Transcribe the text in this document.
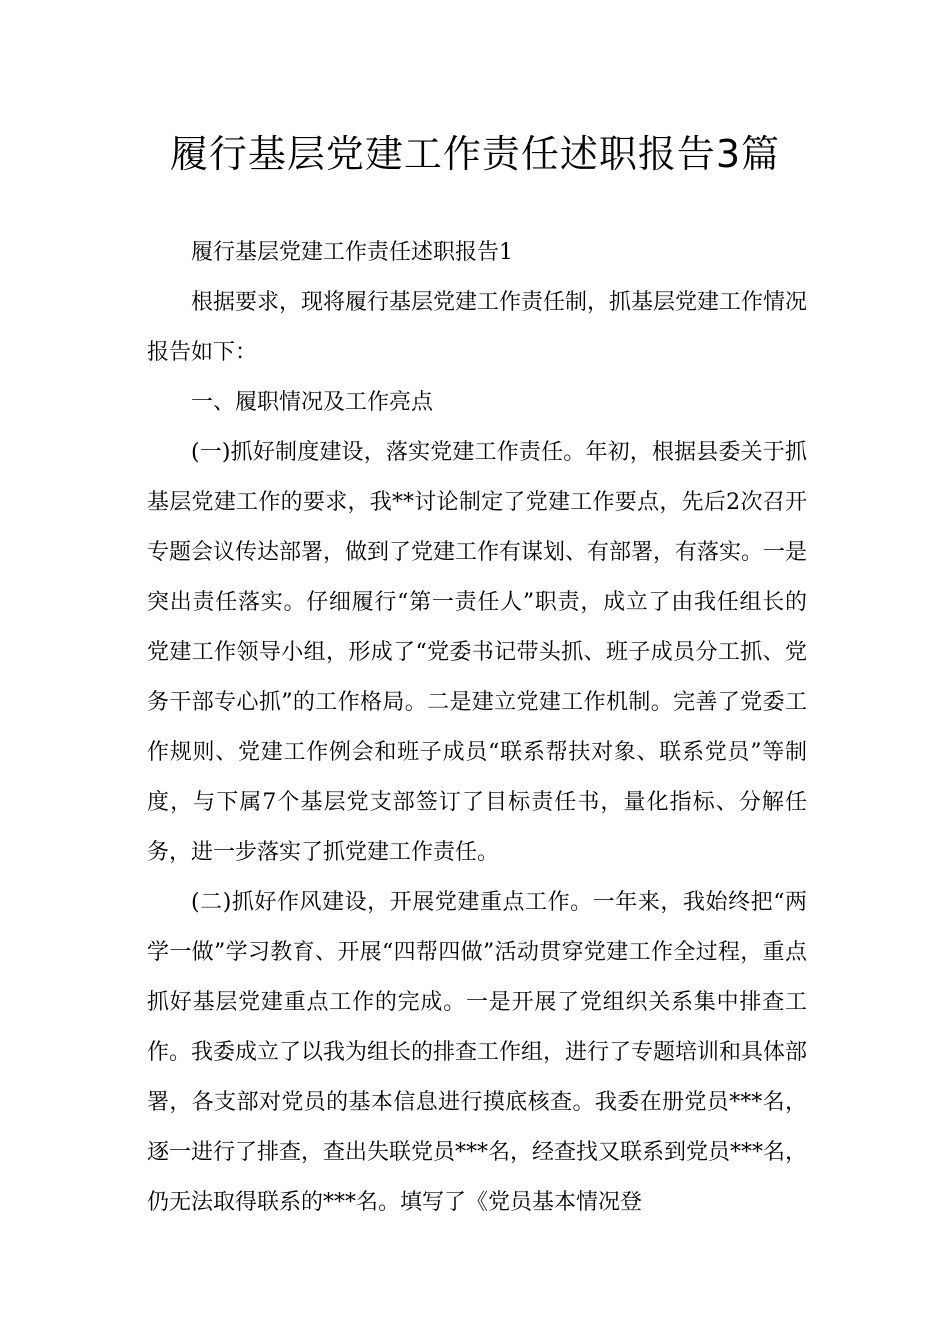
履行基层党建工作责任述职报告3篇

履行基层党建工作责任述职报告1

根据要求，现将履行基层党建工作责任制，抓基层党建工作情况报告如下：

一、履职情况及工作亮点

(一)抓好制度建设，落实党建工作责任。年初，根据县委关于抓基层党建工作的要求，我**讨论制定了党建工作要点，先后2次召开专题会议传达部署，做到了党建工作有谋划、有部署，有落实。一是突出责任落实。仔细履行“第一责任人”职责，成立了由我任组长的党建工作领导小组，形成了“党委书记带头抓、班子成员分工抓、党务干部专心抓”的工作格局。二是建立党建工作机制。完善了党委工作规则、党建工作例会和班子成员“联系帮扶对象、联系党员”等制度，与下属7个基层党支部签订了目标责任书，量化指标、分解任务，进一步落实了抓党建工作责任。

(二)抓好作风建设，开展党建重点工作。一年来，我始终把“两学一做”学习教育、开展“四帮四做”活动贯穿党建工作全过程，重点抓好基层党建重点工作的完成。一是开展了党组织关系集中排查工作。我委成立了以我为组长的排查工作组，进行了专题培训和具体部署，各支部对党员的基本信息进行摸底核查。我委在册党员***名，逐一进行了排查，查出失联党员***名，经查找又联系到党员***名，仍无法取得联系的***名。填写了《党员基本情况登
